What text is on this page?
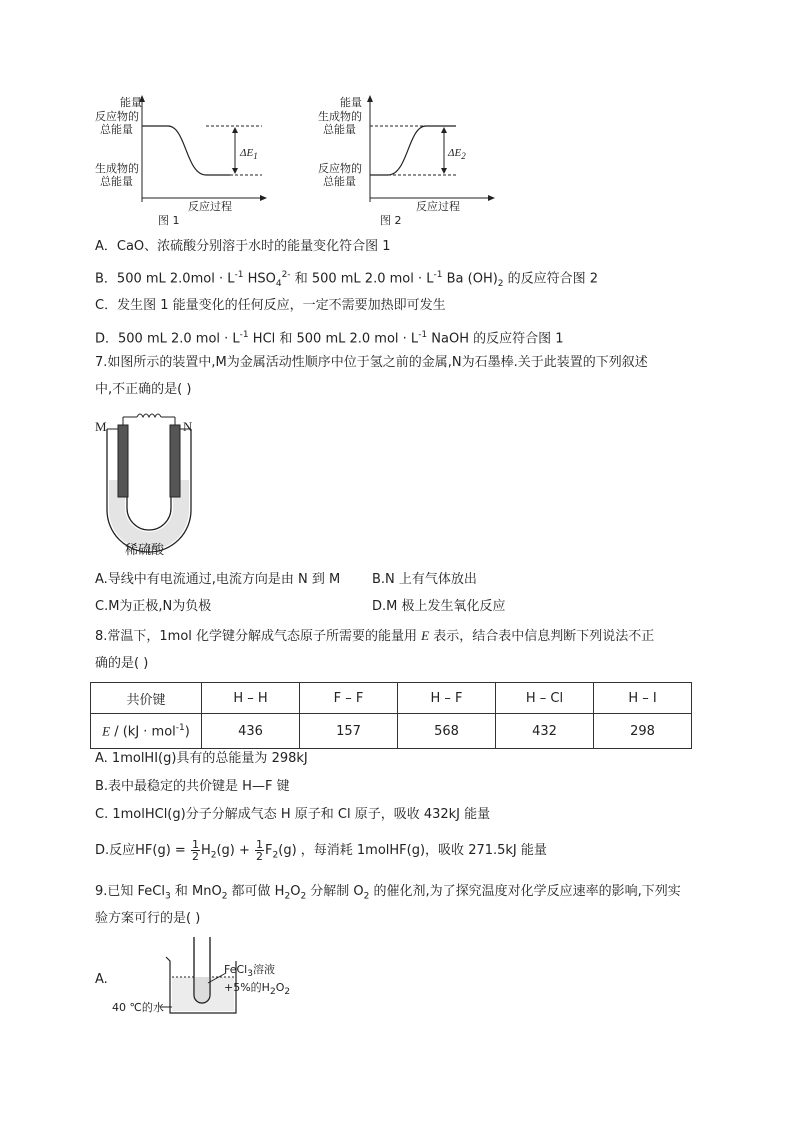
能量
反应物的
总能量
生成物的
总能量
$\Delta E_1$
反应过程
图 1
能量
生成物的
总能量
反应物的
总能量
$\Delta E_2$
反应过程
图 2
A．CaO、浓硫酸分别溶于水时的能量变化符合图 1
B．500 mL $2.0mol \cdot L^{-1}$ $HSO_4^{2-}$ 和 500 mL 2.0 mol · $L^{-1}$ Ba $(OH)_2$ 的反应符合图 2
C．发生图 1 能量变化的任何反应，一定不需要加热即可发生
D．500 mL 2.0 mol · $L^{-1}$ HCl 和 500 mL 2.0 mol · $L^{-1}$ NaOH 的反应符合图 1
7.如图所示的装置中,M为金属活动性顺序中位于氢之前的金属,N为石墨棒.关于此装置的下列叙述
中,不正确的是( )
M	N
稀硫酸
A.导线中有电流通过,电流方向是由 N 到 M B.N 上有气体放出
C.M为正极,N为负极	D.M 极上发生氧化反应
8.常温下，1mol 化学键分解成气态原子所需要的能量用 E 表示，结合表中信息判断下列说法不正
确的是( )
共价键	H – H	F – F	H – F	H – Cl	H – I
E / (kJ · mol$^{-1}$)	436	157	568	432	298
A. 1molHI(g)具有的总能量为 298kJ
B.表中最稳定的共价键是 H—F 键
C. 1molHCl(g)分子分解成气态 H 原子和 Cl 原子，吸收 432kJ 能量
D.反应$HF(g) = \frac{1}{2} H_2(g) + \frac{1}{2} F_2(g)$ ，每消耗 1molHF(g)，吸收 271.5kJ 能量
9.已知 FeCl$_3$ 和 MnO$_2$ 都可做 $H_2O_2$ 分解制 $O_2$ 的催化剂,为了探究温度对化学反应速率的影响,下列实
验方案可行的是( )
A.
FeCl$_3$溶液
+5%的$H_2O_2$
40 ℃的水
